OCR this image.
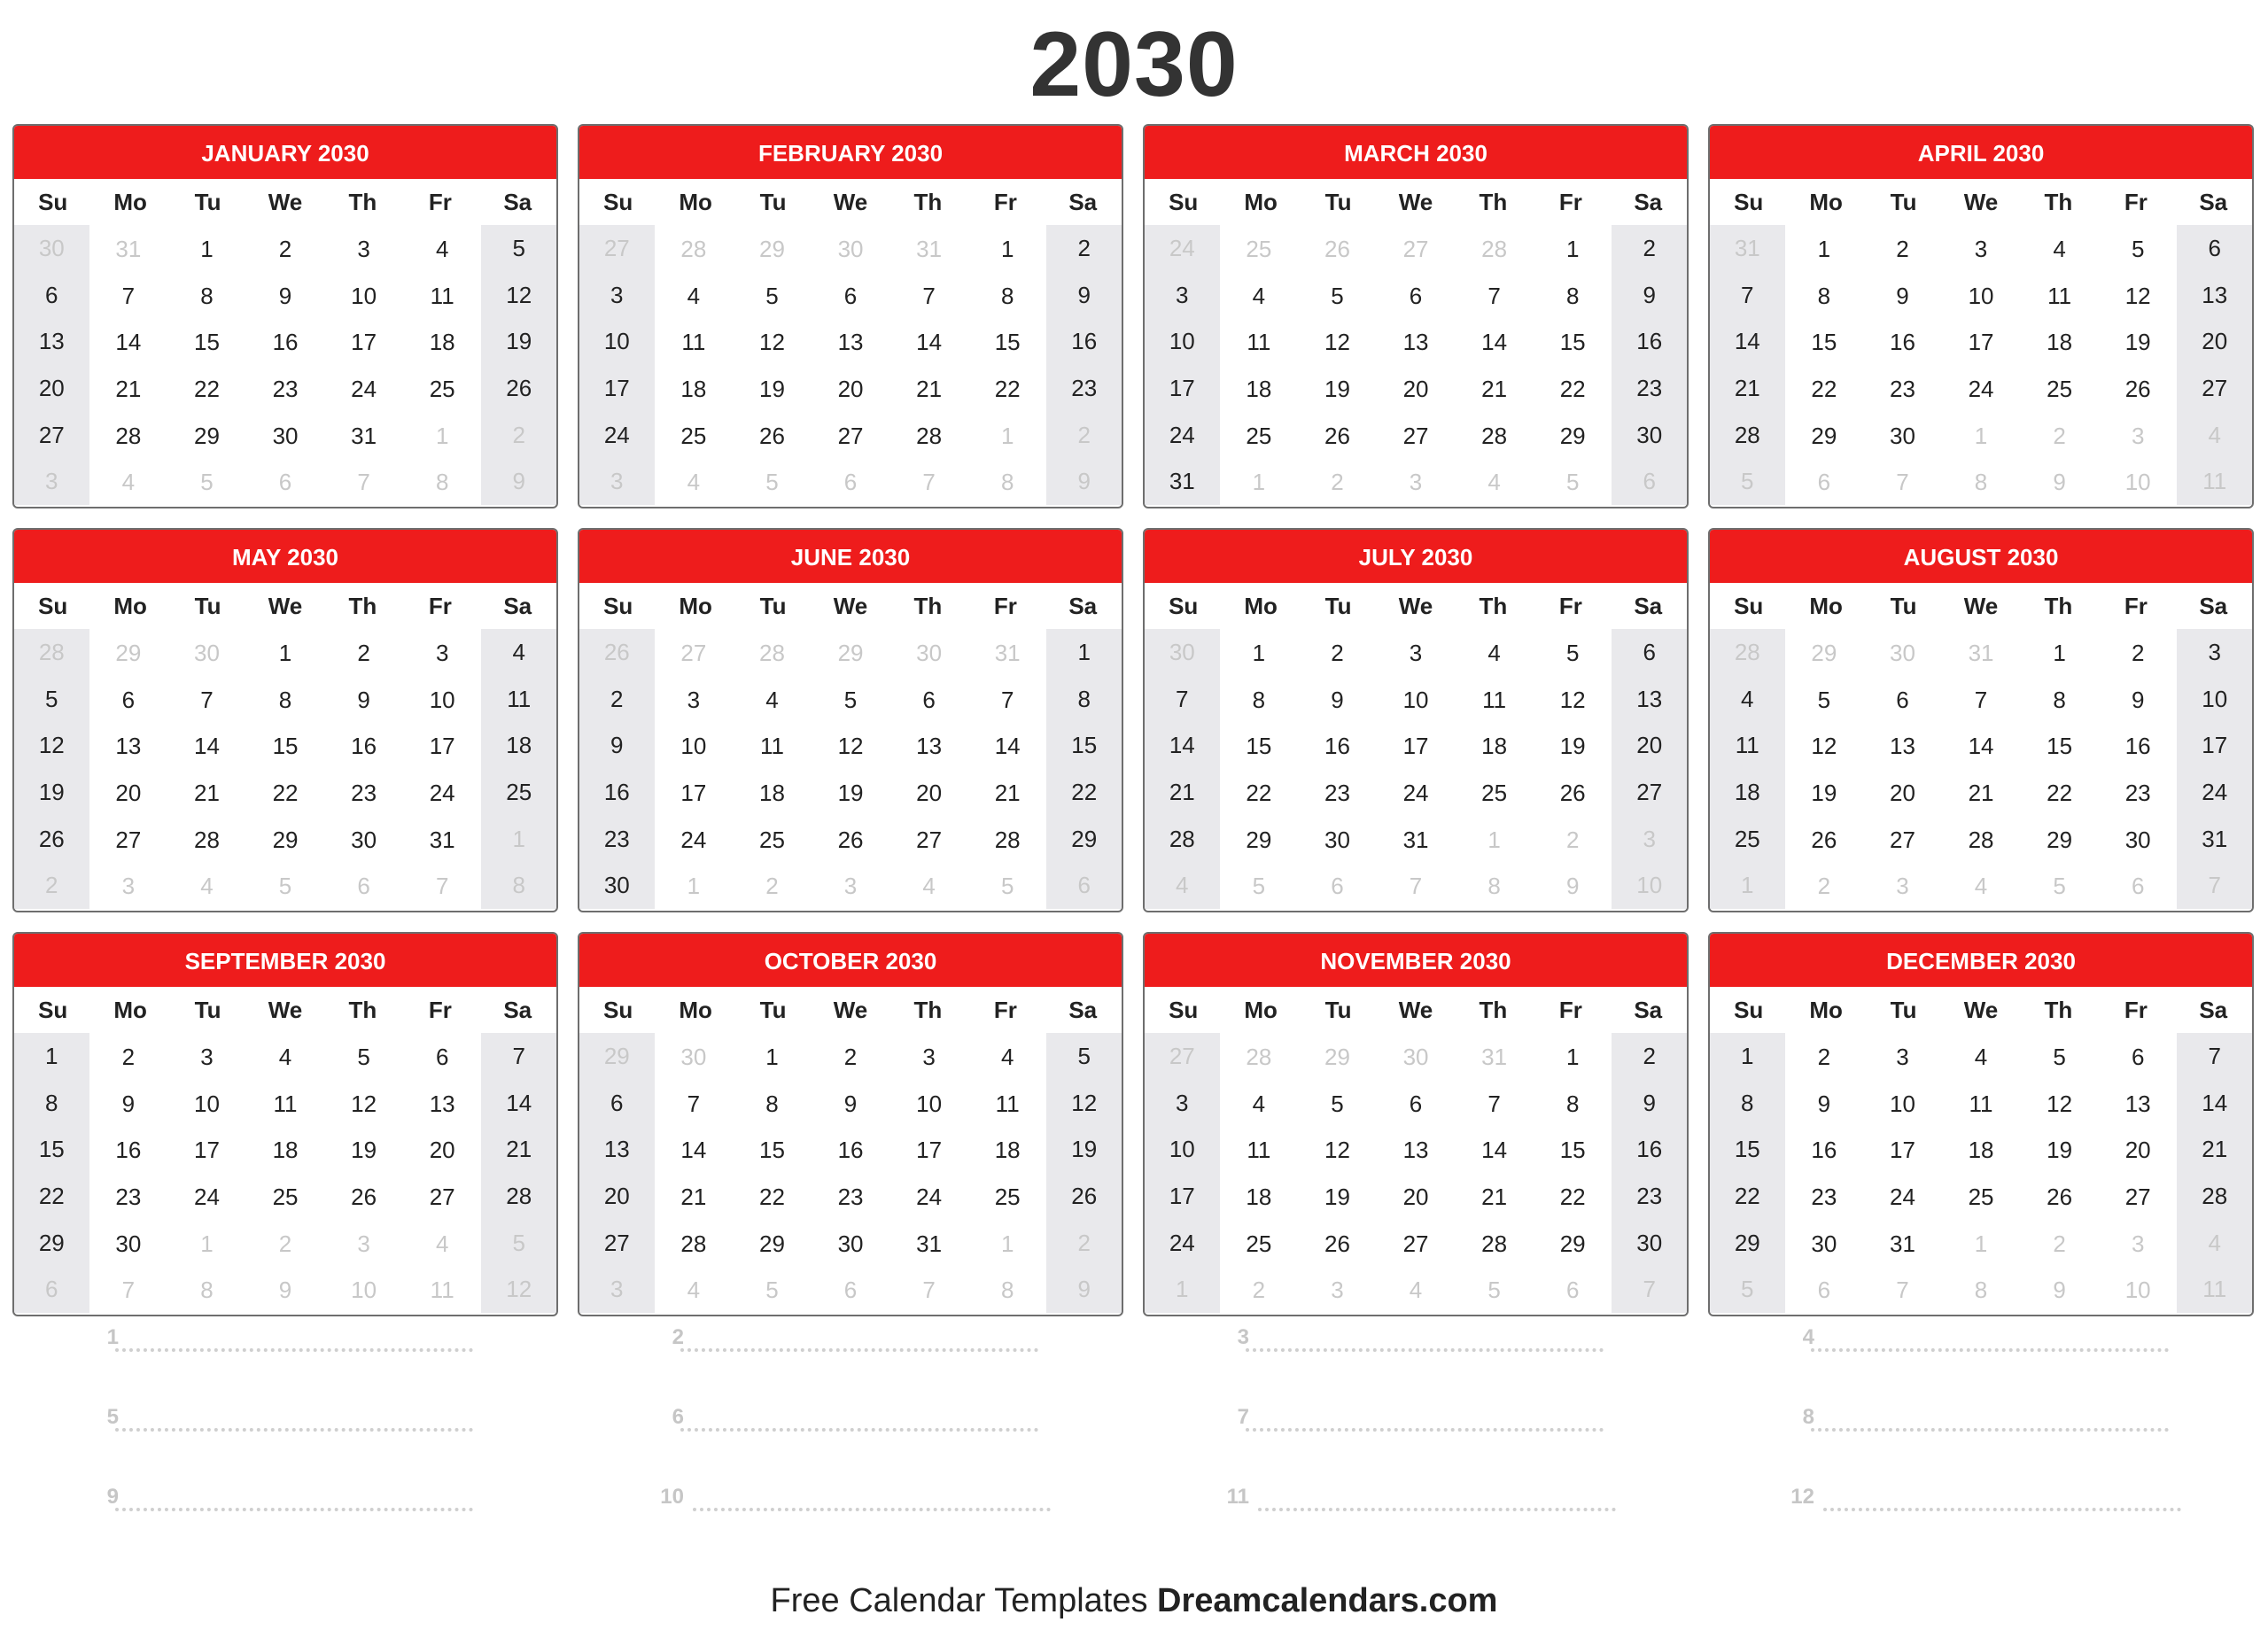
2030
JANUARY 2030
Su	Mo	Tu	We	Th	Fr	Sa
30	31	1	2	3	4	5
6	7	8	9	10	11	12
13	14	15	16	17	18	19
20	21	22	23	24	25	26
27	28	29	30	31	1	2
3	4	5	6	7	8	9
FEBRUARY 2030
Su	Mo	Tu	We	Th	Fr	Sa
27	28	29	30	31	1	2
3	4	5	6	7	8	9
10	11	12	13	14	15	16
17	18	19	20	21	22	23
24	25	26	27	28	1	2
3	4	5	6	7	8	9
MARCH 2030
Su	Mo	Tu	We	Th	Fr	Sa
24	25	26	27	28	1	2
3	4	5	6	7	8	9
10	11	12	13	14	15	16
17	18	19	20	21	22	23
24	25	26	27	28	29	30
31	1	2	3	4	5	6
APRIL 2030
Su	Mo	Tu	We	Th	Fr	Sa
31	1	2	3	4	5	6
7	8	9	10	11	12	13
14	15	16	17	18	19	20
21	22	23	24	25	26	27
28	29	30	1	2	3	4
5	6	7	8	9	10	11
MAY 2030
Su	Mo	Tu	We	Th	Fr	Sa
28	29	30	1	2	3	4
5	6	7	8	9	10	11
12	13	14	15	16	17	18
19	20	21	22	23	24	25
26	27	28	29	30	31	1
2	3	4	5	6	7	8
JUNE 2030
Su	Mo	Tu	We	Th	Fr	Sa
26	27	28	29	30	31	1
2	3	4	5	6	7	8
9	10	11	12	13	14	15
16	17	18	19	20	21	22
23	24	25	26	27	28	29
30	1	2	3	4	5	6
JULY 2030
Su	Mo	Tu	We	Th	Fr	Sa
30	1	2	3	4	5	6
7	8	9	10	11	12	13
14	15	16	17	18	19	20
21	22	23	24	25	26	27
28	29	30	31	1	2	3
4	5	6	7	8	9	10
AUGUST 2030
Su	Mo	Tu	We	Th	Fr	Sa
28	29	30	31	1	2	3
4	5	6	7	8	9	10
11	12	13	14	15	16	17
18	19	20	21	22	23	24
25	26	27	28	29	30	31
1	2	3	4	5	6	7
SEPTEMBER 2030
Su	Mo	Tu	We	Th	Fr	Sa
1	2	3	4	5	6	7
8	9	10	11	12	13	14
15	16	17	18	19	20	21
22	23	24	25	26	27	28
29	30	1	2	3	4	5
6	7	8	9	10	11	12
OCTOBER 2030
Su	Mo	Tu	We	Th	Fr	Sa
29	30	1	2	3	4	5
6	7	8	9	10	11	12
13	14	15	16	17	18	19
20	21	22	23	24	25	26
27	28	29	30	31	1	2
3	4	5	6	7	8	9
NOVEMBER 2030
Su	Mo	Tu	We	Th	Fr	Sa
27	28	29	30	31	1	2
3	4	5	6	7	8	9
10	11	12	13	14	15	16
17	18	19	20	21	22	23
24	25	26	27	28	29	30
1	2	3	4	5	6	7
DECEMBER 2030
Su	Mo	Tu	We	Th	Fr	Sa
1	2	3	4	5	6	7
8	9	10	11	12	13	14
15	16	17	18	19	20	21
22	23	24	25	26	27	28
29	30	31	1	2	3	4
5	6	7	8	9	10	11
1	2	3	4
5	6	7	8
9	10	11	12
Free Calendar Templates Dreamcalendars.com
